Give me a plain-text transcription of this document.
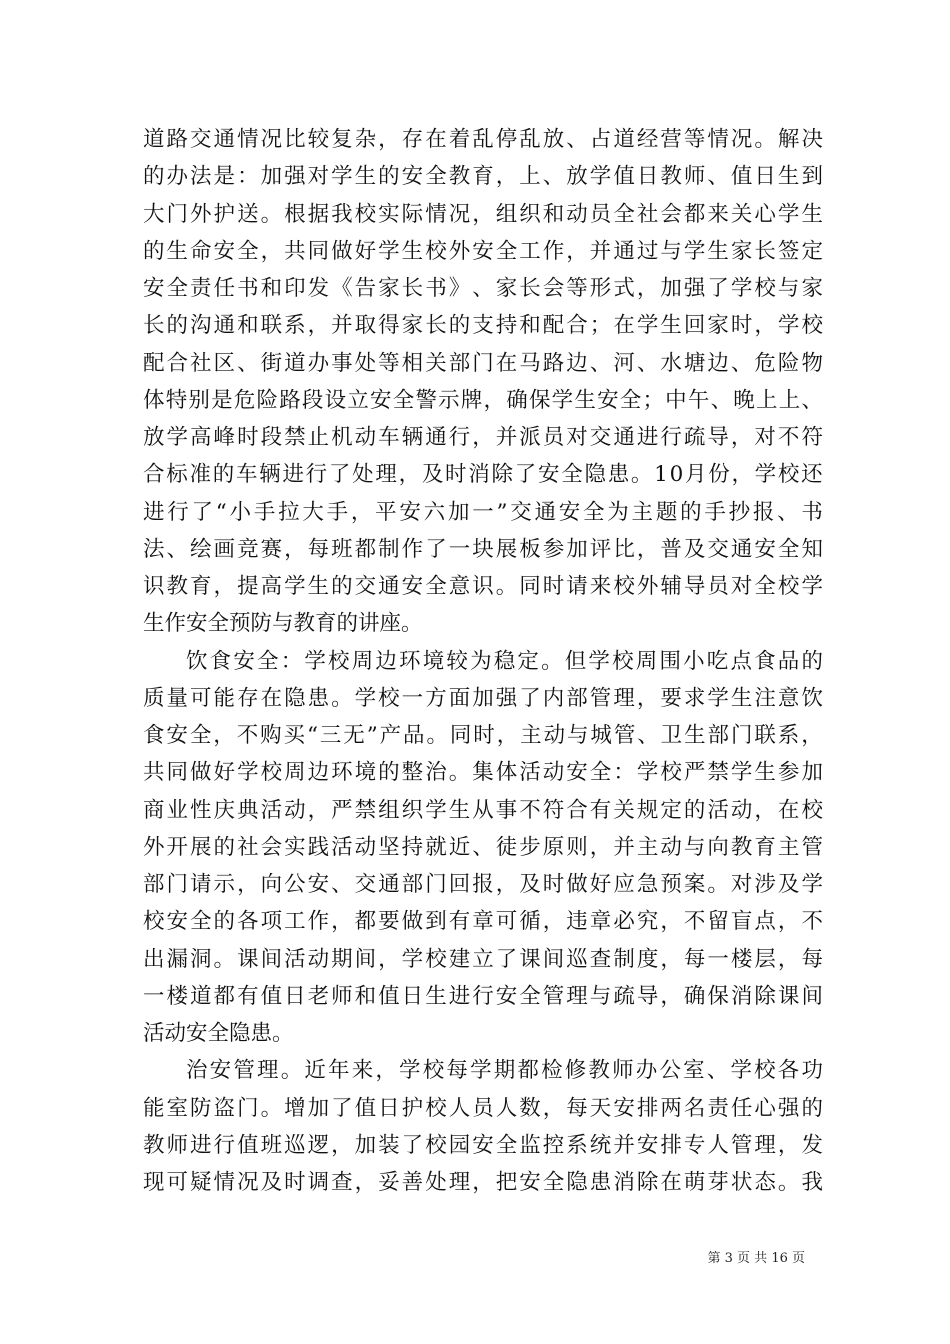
道 路 交 通 情 况 比 较 复 杂 ， 存 在 着 乱 停 乱 放 、 占 道 经 营 等 情 况 。 解 决
的 办 法 是 ： 加 强 对 学 生 的 安 全 教 育 ， 上 、 放 学 值 日 教 师 、 值 日 生 到
大 门 外 护 送 。 根 据 我 校 实 际 情 况 ， 组 织 和 动 员 全 社 会 都 来 关 心 学 生
的 生 命 安 全 ， 共 同 做 好 学 生 校 外 安 全 工 作 ， 并 通 过 与 学 生 家 长 签 定
安 全 责 任 书 和 印 发 《 告 家 长 书 》 、 家 长 会 等 形 式 ， 加 强 了 学 校 与 家
长 的 沟 通 和 联 系 ， 并 取 得 家 长 的 支 持 和 配 合 ； 在 学 生 回 家 时 ， 学 校
配 合 社 区 、 街 道 办 事 处 等 相 关 部 门 在 马 路 边 、 河 、 水 塘 边 、 危 险 物
体 特 别 是 危 险 路 段 设 立 安 全 警 示 牌 ， 确 保 学 生 安 全 ； 中 午 、 晚 上 上 、
放 学 高 峰 时 段 禁 止 机 动 车 辆 通 行 ， 并 派 员 对 交 通 进 行 疏 导 ， 对 不 符
合 标 准 的 车 辆 进 行 了 处 理 ， 及 时 消 除 了 安 全 隐 患 。 1 0 月 份 ， 学 校 还
进 行 了 “ 小 手 拉 大 手 ， 平 安 六 加 一 ” 交 通 安 全 为 主 题 的 手 抄 报 、 书
法 、 绘 画 竞 赛 ， 每 班 都 制 作 了 一 块 展 板 参 加 评 比 ， 普 及 交 通 安 全 知
识 教 育 ， 提 高 学 生 的 交 通 安 全 意 识 。 同 时 请 来 校 外 辅 导 员 对 全 校 学
生作安全预防与教育的讲座。
饮 食 安 全 ： 学 校 周 边 环 境 较 为 稳 定 。 但 学 校 周 围 小 吃 点 食 品 的
质 量 可 能 存 在 隐 患 。 学 校 一 方 面 加 强 了 内 部 管 理 ， 要 求 学 生 注 意 饮
食 安 全 ， 不 购 买 “ 三 无 ” 产 品 。 同 时 ， 主 动 与 城 管 、 卫 生 部 门 联 系 ，
共 同 做 好 学 校 周 边 环 境 的 整 治 。 集 体 活 动 安 全 ： 学 校 严 禁 学 生 参 加
商 业 性 庆 典 活 动 ， 严 禁 组 织 学 生 从 事 不 符 合 有 关 规 定 的 活 动 ， 在 校
外 开 展 的 社 会 实 践 活 动 坚 持 就 近 、 徒 步 原 则 ， 并 主 动 与 向 教 育 主 管
部 门 请 示 ， 向 公 安 、 交 通 部 门 回 报 ， 及 时 做 好 应 急 预 案 。 对 涉 及 学
校 安 全 的 各 项 工 作 ， 都 要 做 到 有 章 可 循 ， 违 章 必 究 ， 不 留 盲 点 ， 不
出 漏 洞 。 课 间 活 动 期 间 ， 学 校 建 立 了 课 间 巡 查 制 度 ， 每 一 楼 层 ， 每
一 楼 道 都 有 值 日 老 师 和 值 日 生 进 行 安 全 管 理 与 疏 导 ， 确 保 消 除 课 间
活动安全隐患。
治 安 管 理 。 近 年 来 ， 学 校 每 学 期 都 检 修 教 师 办 公 室 、 学 校 各 功
能 室 防 盗 门 。 增 加 了 值 日 护 校 人 员 人 数 ， 每 天 安 排 两 名 责 任 心 强 的
教 师 进 行 值 班 巡 逻 ， 加 装 了 校 园 安 全 监 控 系 统 并 安 排 专 人 管 理 ， 发
现 可 疑 情 况 及 时 调 查 ， 妥 善 处 理 ， 把 安 全 隐 患 消 除 在 萌 芽 状 态 。 我
第 3 页 共 16 页
